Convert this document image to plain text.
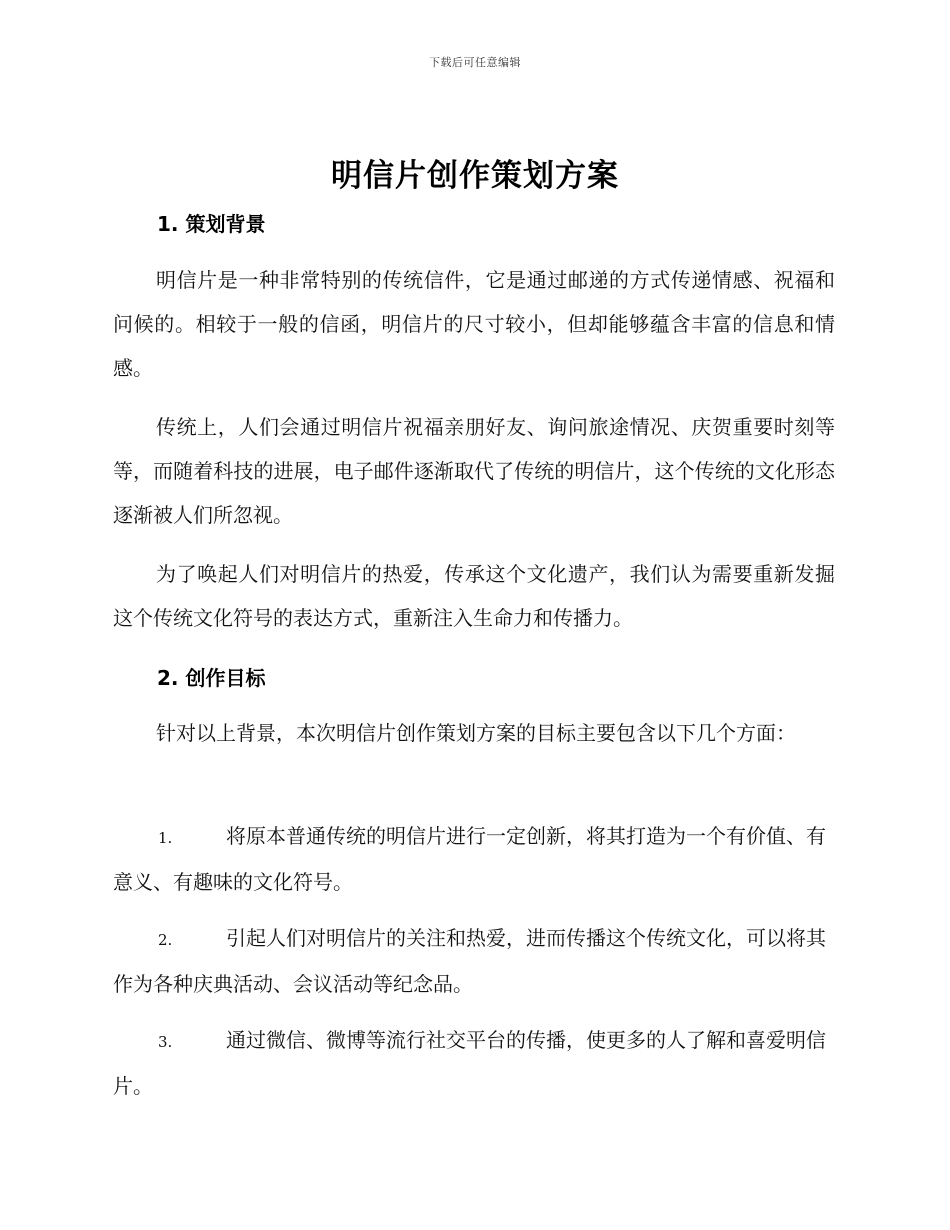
下载后可任意编辑
明信片创作策划方案
1. 策划背景
明信片是一种非常特别的传统信件，它是通过邮递的方式传递情感、祝福和问候的。相较于一般的信函，明信片的尺寸较小，但却能够蕴含丰富的信息和情感。
传统上，人们会通过明信片祝福亲朋好友、询问旅途情况、庆贺重要时刻等等，而随着科技的进展，电子邮件逐渐取代了传统的明信片，这个传统的文化形态逐渐被人们所忽视。
为了唤起人们对明信片的热爱，传承这个文化遗产，我们认为需要重新发掘这个传统文化符号的表达方式，重新注入生命力和传播力。
2. 创作目标
针对以上背景，本次明信片创作策划方案的目标主要包含以下几个方面：
1.	将原本普通传统的明信片进行一定创新，将其打造为一个有价值、有意义、有趣味的文化符号。
2.	引起人们对明信片的关注和热爱，进而传播这个传统文化，可以将其作为各种庆典活动、会议活动等纪念品。
3.	通过微信、微博等流行社交平台的传播，使更多的人了解和喜爱明信片。
